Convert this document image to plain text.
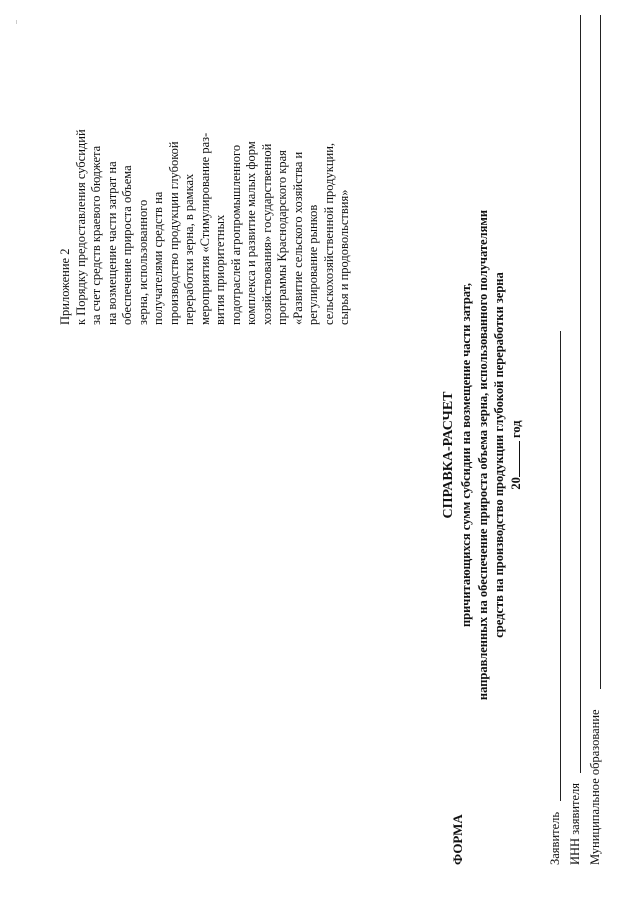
Приложение 2 к Порядку предоставления субсидий за счет средств краевого бюджета на возмещение части затрат на обеспечение прироста объема зерна, использованного получателями средств на производство продукции глубокой переработки зерна, в рамках мероприятия «Стимулирование раз- вития приоритетных подотраслей агропромышленного комплекса и развитие малых форм хозяйствования» государственной программы Краснодарского края «Развитие сельского хозяйства и регулирование рынков сельскохозяйственной продукции, сырья и продовольствия»
ФОРМА
СПРАВКА-РАСЧЕТ причитающихся сумм субсидии на возмещение части затрат, направленных на обеспечение прироста объема зерна, использованного получателями средств на производство продукции глубокой переработки зерна 20 год
Заявитель ИНН заявителя Муниципальное образование
